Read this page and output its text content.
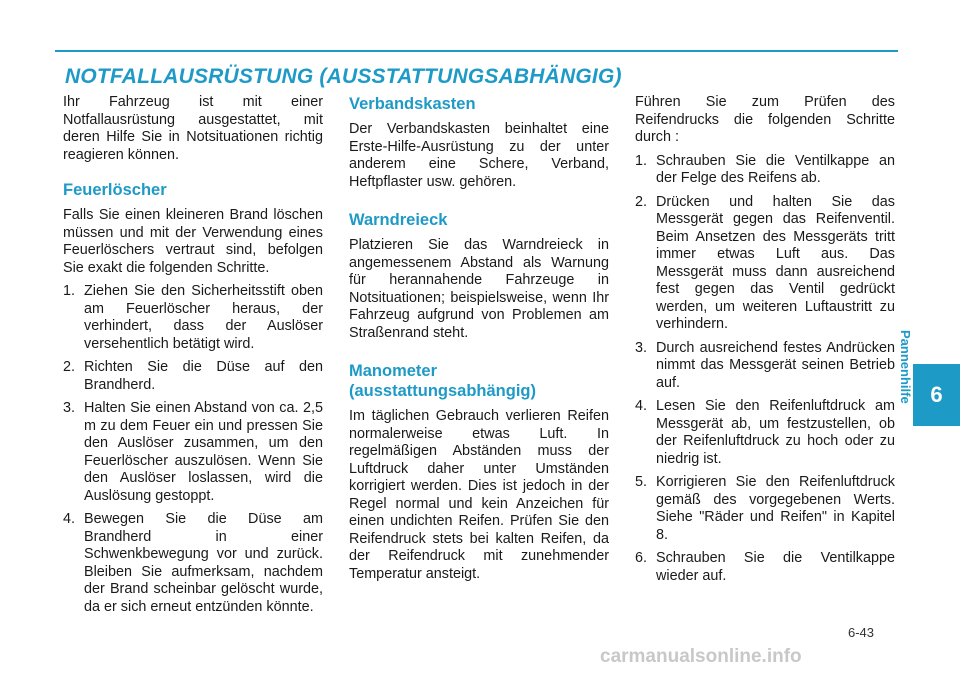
NOTFALLAUSRÜSTUNG (AUSSTATTUNGSABHÄNGIG)

Ihr Fahrzeug ist mit einer Notfallausrüstung ausgestattet, mit deren Hilfe Sie in Notsituationen richtig reagieren können.

Feuerlöscher

Falls Sie einen kleineren Brand löschen müssen und mit der Verwendung eines Feuerlöschers vertraut sind, befolgen Sie exakt die folgenden Schritte.

1. Ziehen Sie den Sicherheitsstift oben am Feuerlöscher heraus, der verhindert, dass der Auslöser versehentlich betätigt wird.
2. Richten Sie die Düse auf den Brandherd.
3. Halten Sie einen Abstand von ca. 2,5 m zu dem Feuer ein und pressen Sie den Auslöser zusammen, um den Feuerlöscher auszulösen. Wenn Sie den Auslöser loslassen, wird die Auslösung gestoppt.
4. Bewegen Sie die Düse am Brandherd in einer Schwenkbewegung vor und zurück. Bleiben Sie aufmerksam, nachdem der Brand scheinbar gelöscht wurde, da er sich erneut entzünden könnte.
Verbandskasten

Der Verbandskasten beinhaltet eine Erste-Hilfe-Ausrüstung zu der unter anderem eine Schere, Verband, Heftpflaster usw. gehören.

Warndreieck

Platzieren Sie das Warndreieck in angemessenem Abstand als Warnung für herannahende Fahrzeuge in Notsituationen; beispielsweise, wenn Ihr Fahrzeug aufgrund von Problemen am Straßenrand steht.

Manometer (ausstattungsabhängig)

Im täglichen Gebrauch verlieren Reifen normalerweise etwas Luft. In regelmäßigen Abständen muss der Luftdruck daher unter Umständen korrigiert werden. Dies ist jedoch in der Regel normal und kein Anzeichen für einen undichten Reifen. Prüfen Sie den Reifendruck stets bei kalten Reifen, da der Reifendruck mit zunehmender Temperatur ansteigt.

Führen Sie zum Prüfen des Reifendrucks die folgenden Schritte durch :

1. Schrauben Sie die Ventilkappe an der Felge des Reifens ab.
2. Drücken und halten Sie das Messgerät gegen das Reifenventil. Beim Ansetzen des Messgeräts tritt immer etwas Luft aus. Das Messgerät muss dann ausreichend fest gegen das Ventil gedrückt werden, um weiteren Luftaustritt zu verhindern.
3. Durch ausreichend festes Andrücken nimmt das Messgerät seinen Betrieb auf.
4. Lesen Sie den Reifenluftdruck am Messgerät ab, um festzustellen, ob der Reifenluftdruck zu hoch oder zu niedrig ist.
5. Korrigieren Sie den Reifenluftdruck gemäß des vorgegebenen Werts. Siehe "Räder und Reifen" in Kapitel 8.
6. Schrauben Sie die Ventilkappe wieder auf.
Pannenhilfe 6
6-43
carmanualsonline.info
